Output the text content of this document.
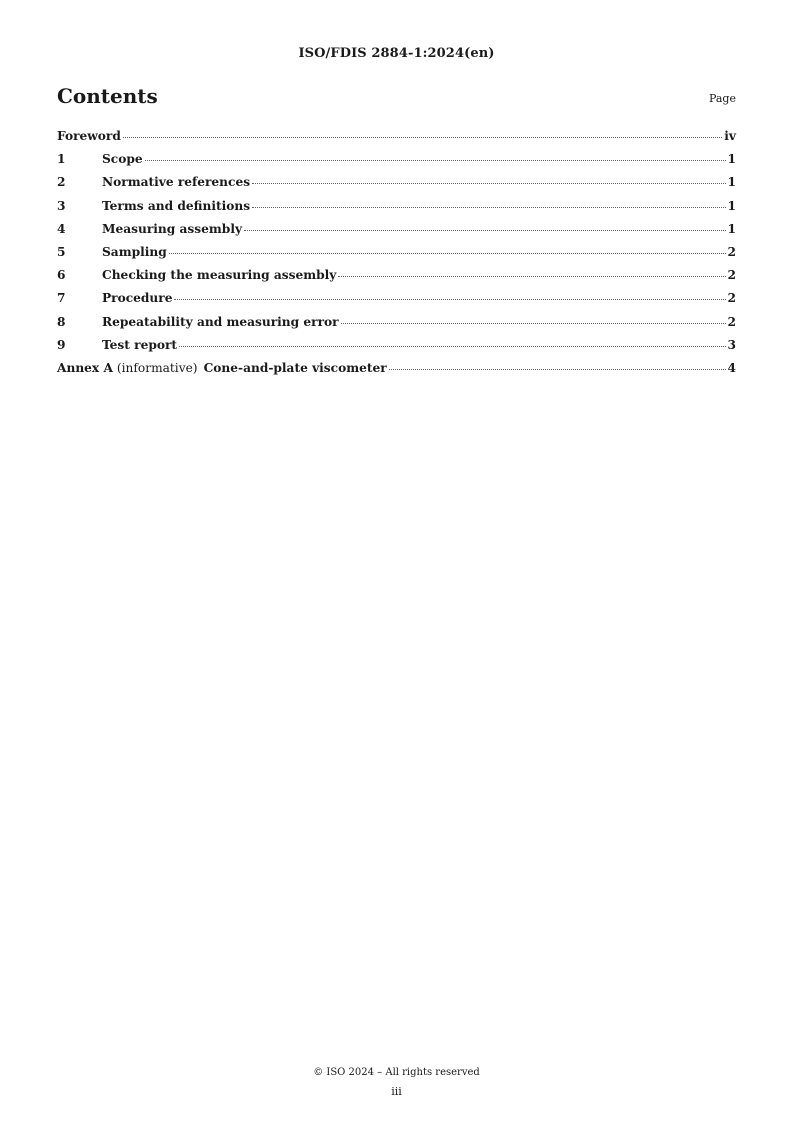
ISO/FDIS 2884-1:2024(en)
Contents	Page
Foreword	iv
1	Scope	1
2	Normative references	1
3	Terms and definitions	1
4	Measuring assembly	1
5	Sampling	2
6	Checking the measuring assembly	2
7	Procedure	2
8	Repeatability and measuring error	2
9	Test report	3
Annex A (informative) Cone-and-plate viscometer	4
© ISO 2024 – All rights reserved
iii
